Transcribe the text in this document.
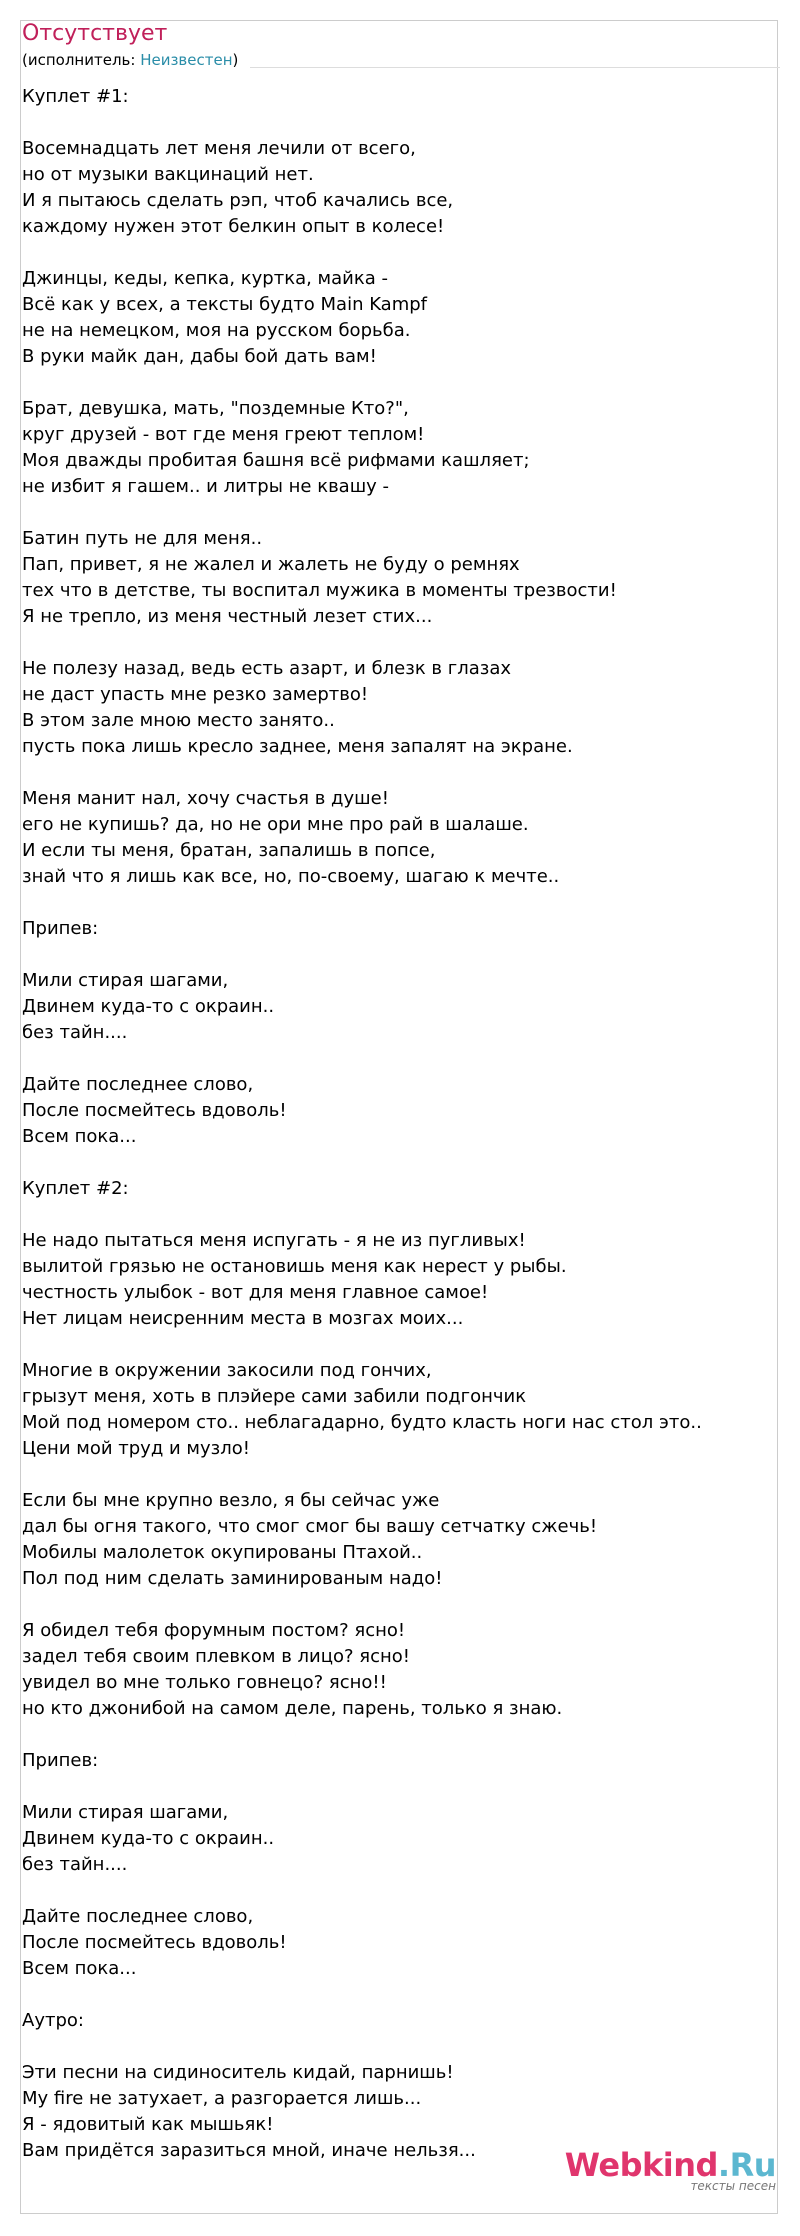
Отсутствует
(исполнитель: Неизвестен)
Куплет #1:
Восемнадцать лет меня лечили от всего,
но от музыки вакцинаций нет.
И я пытаюсь сделать рэп, чтоб качались все,
каждому нужен этот белкин опыт в колесе!
Джинцы, кеды, кепка, куртка, майка -
Всё как у всех, а тексты будто Main Kampf
не на немецком, моя на русском борьба.
В руки майк дан, дабы бой дать вам!
Брат, девушка, мать, "поздемные Кто?",
круг друзей - вот где меня греют теплом!
Моя дважды пробитая башня всё рифмами кашляет;
не избит я гашем.. и литры не квашу -
Батин путь не для меня..
Пап, привет, я не жалел и жалеть не буду о ремнях
тех что в детстве, ты воспитал мужика в моменты трезвости!
Я не трепло, из меня честный лезет стих...
Не полезу назад, ведь есть азарт, и блезк в глазах
не даст упасть мне резко замертво!
В этом зале мною место занято..
пусть пока лишь кресло заднее, меня запалят на экране.
Меня манит нал, хочу счастья в душе!
его не купишь? да, но не ори мне про рай в шалаше.
И если ты меня, братан, запалишь в попсе,
знай что я лишь как все, но, по-своему, шагаю к мечте..
Припев:
Мили стирая шагами,
Двинем куда-то с окраин..
без тайн....
Дайте последнее слово,
После посмейтесь вдоволь!
Всем пока...
Куплет #2:
Не надо пытаться меня испугать - я не из пугливых!
вылитой грязью не остановишь меня как нерест у рыбы.
честность улыбок - вот для меня главное самое!
Нет лицам неисренним места в мозгах моих...
Многие в окружении закосили под гончих,
грызут меня, хоть в плэйере сами забили подгончик
Мой под номером сто.. неблагадарно, будто класть ноги нас стол это..
Цени мой труд и музло!
Если бы мне крупно везло, я бы сейчас уже
дал бы огня такого, что смог смог бы вашу сетчатку сжечь!
Мобилы малолеток окупированы Птахой..
Пол под ним сделать заминированым надо!
Я обидел тебя форумным постом? ясно!
задел тебя своим плевком в лицо? ясно!
увидел во мне только говнецо? ясно!!
но кто джонибой на самом деле, парень, только я знаю.
Припев:
Мили стирая шагами,
Двинем куда-то с окраин..
без тайн....
Дайте последнее слово,
После посмейтесь вдоволь!
Всем пока...
Аутро:
Эти песни на сидиноситель кидай, парнишь!
My fire не затухает, а разгорается лишь...
Я - ядовитый как мышьяк!
Вам придётся заразиться мной, иначе нельзя...	Webkind.Ru
тексты песен
